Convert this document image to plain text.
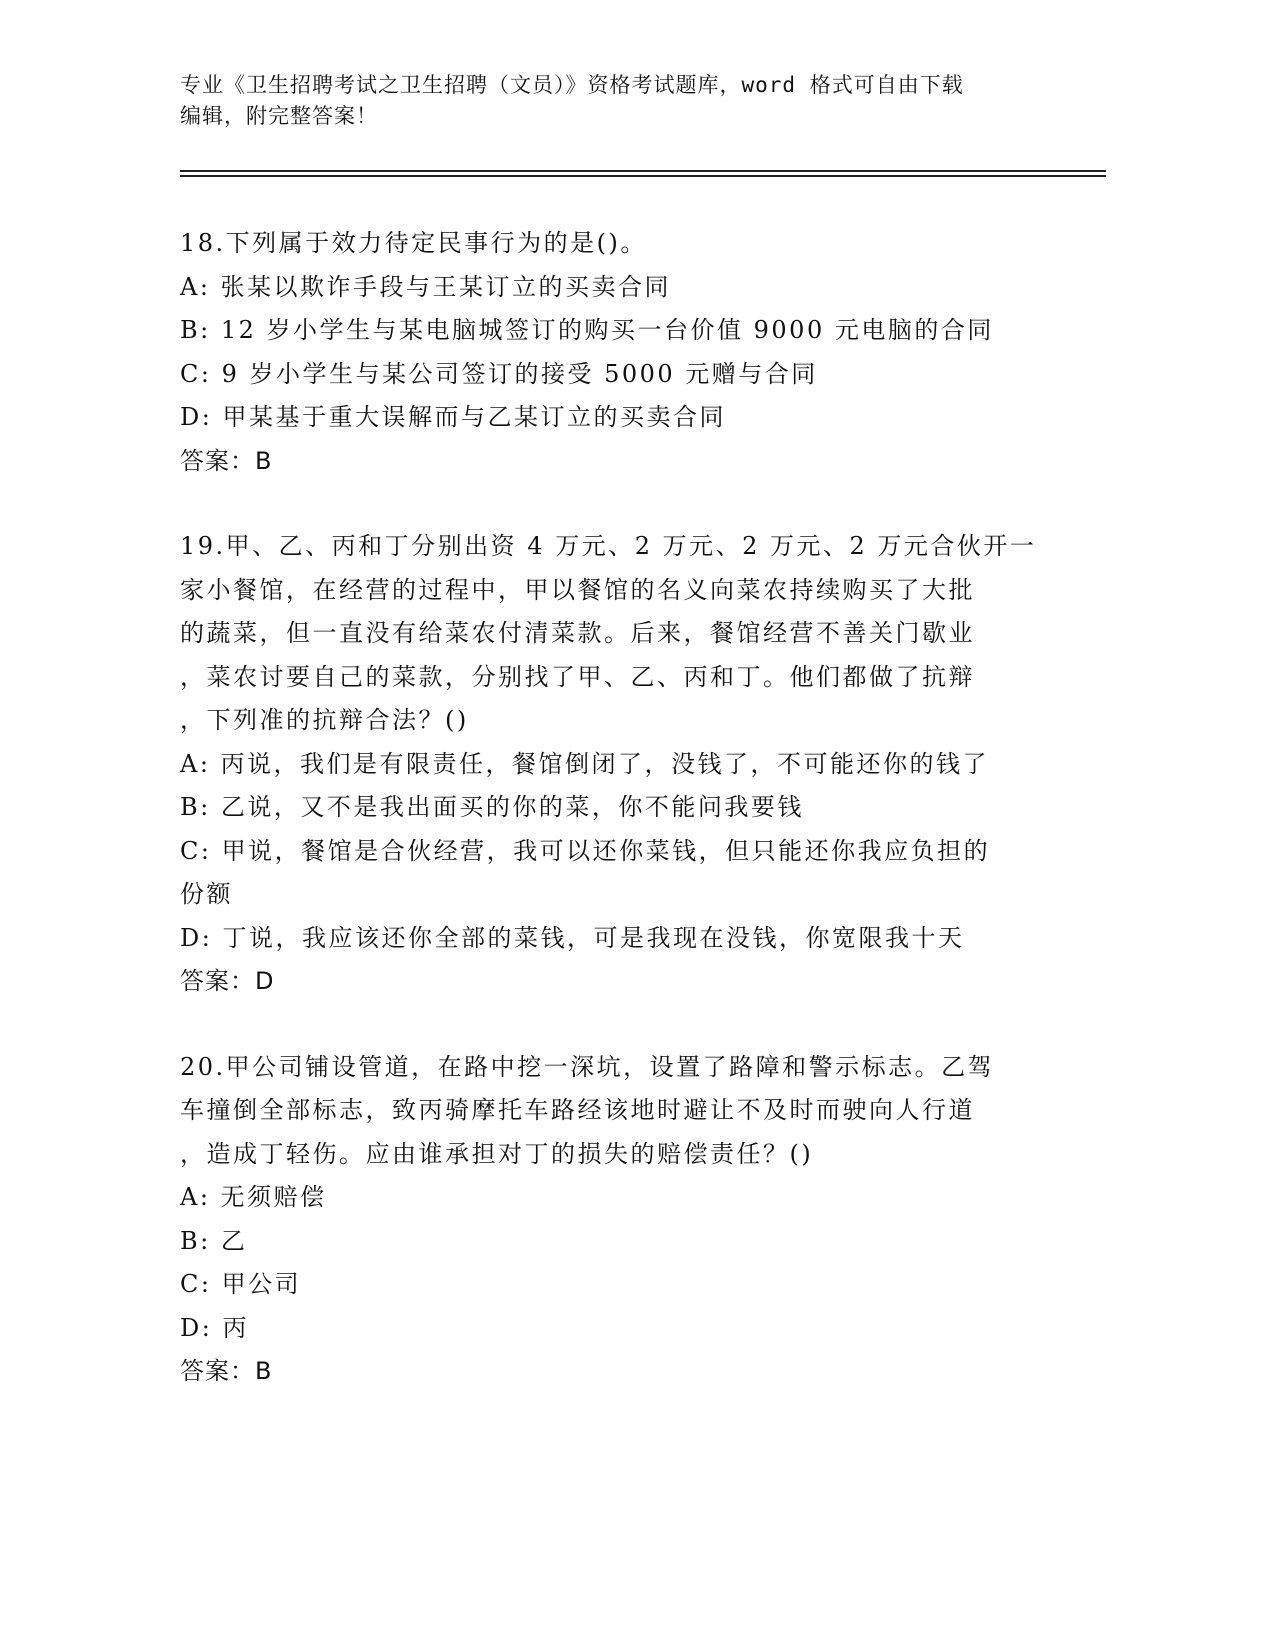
专业《卫生招聘考试之卫生招聘（文员）》资格考试题库，word 格式可自由下载
编辑，附完整答案！
18.下列属于效力待定民事行为的是()。
A: 张某以欺诈手段与王某订立的买卖合同
B: 12 岁小学生与某电脑城签订的购买一台价值 9000 元电脑的合同
C: 9 岁小学生与某公司签订的接受 5000 元赠与合同
D: 甲某基于重大误解而与乙某订立的买卖合同
答案：B
19.甲、乙、丙和丁分别出资 4 万元、2 万元、2 万元、2 万元合伙开一
家小餐馆，在经营的过程中，甲以餐馆的名义向菜农持续购买了大批
的蔬菜，但一直没有给菜农付清菜款。后来，餐馆经营不善关门歇业
，菜农讨要自己的菜款，分别找了甲、乙、丙和丁。他们都做了抗辩
，下列准的抗辩合法？()
A: 丙说，我们是有限责任，餐馆倒闭了，没钱了，不可能还你的钱了
B: 乙说，又不是我出面买的你的菜，你不能问我要钱
C: 甲说，餐馆是合伙经营，我可以还你菜钱，但只能还你我应负担的
份额
D: 丁说，我应该还你全部的菜钱，可是我现在没钱，你宽限我十天
答案：D
20.甲公司铺设管道，在路中挖一深坑，设置了路障和警示标志。乙驾
车撞倒全部标志，致丙骑摩托车路经该地时避让不及时而驶向人行道
，造成丁轻伤。应由谁承担对丁的损失的赔偿责任？()
A: 无须赔偿
B: 乙
C: 甲公司
D: 丙
答案：B
